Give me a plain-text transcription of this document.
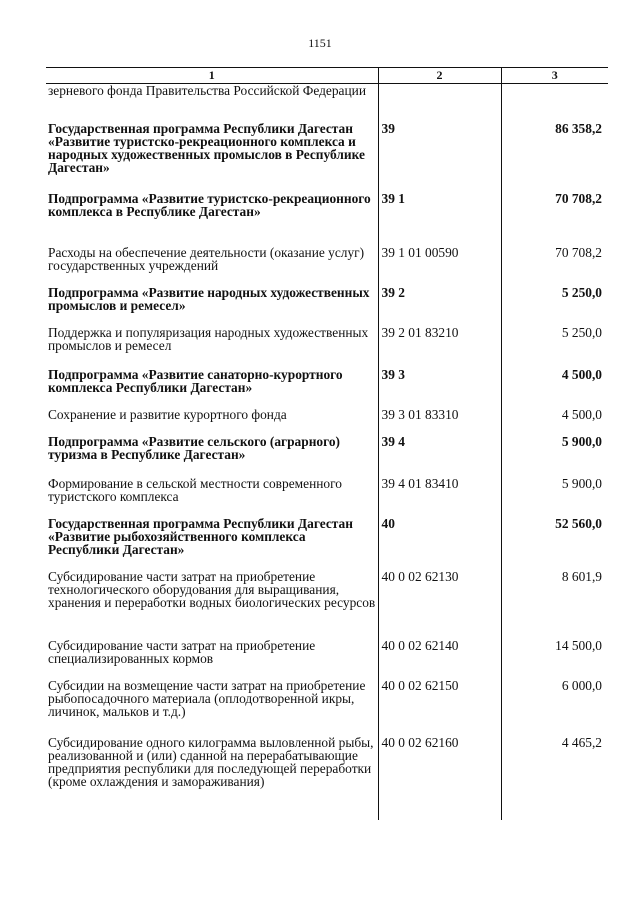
1151
1	2	3
зерневого фонда Правительства Российской Федерации		
Государственная программа Республики Дагестан «Развитие туристско-рекреационного комплекса и народных художественных промыслов в Республике Дагестан»	39	86 358,2
Подпрограмма «Развитие туристско-рекреационного комплекса в Республике Дагестан»	39 1	70 708,2
Расходы на обеспечение деятельности (оказание услуг) государственных учреждений	39 1 01 00590	70 708,2
Подпрограмма «Развитие народных художественных промыслов и ремесел»	39 2	5 250,0
Поддержка и популяризация народных художественных промыслов и ремесел	39 2 01 83210	5 250,0
Подпрограмма «Развитие санаторно-курортного комплекса Республики Дагестан»	39 3	4 500,0
Сохранение и развитие курортного фонда	39 3 01 83310	4 500,0
Подпрограмма «Развитие сельского (аграрного) туризма в Республике Дагестан»	39 4	5 900,0
Формирование в сельской местности современного туристского комплекса	39 4 01 83410	5 900,0
Государственная программа Республики Дагестан «Развитие рыбохозяйственного комплекса Республики Дагестан»	40	52 560,0
Субсидирование части затрат на приобретение технологического оборудования для выращивания, хранения и переработки водных биологических ресурсов	40 0 02 62130	8 601,9
Субсидирование части затрат на приобретение специализированных кормов	40 0 02 62140	14 500,0
Субсидии на возмещение части затрат на приобретение рыбопосадочного материала (оплодотворенной икры, личинок, мальков и т.д.)	40 0 02 62150	6 000,0
Субсидирование одного килограмма выловленной рыбы, реализованной и (или) сданной на перерабатывающие предприятия республики для последующей переработки (кроме охлаждения и замораживания)	40 0 02 62160	4 465,2
